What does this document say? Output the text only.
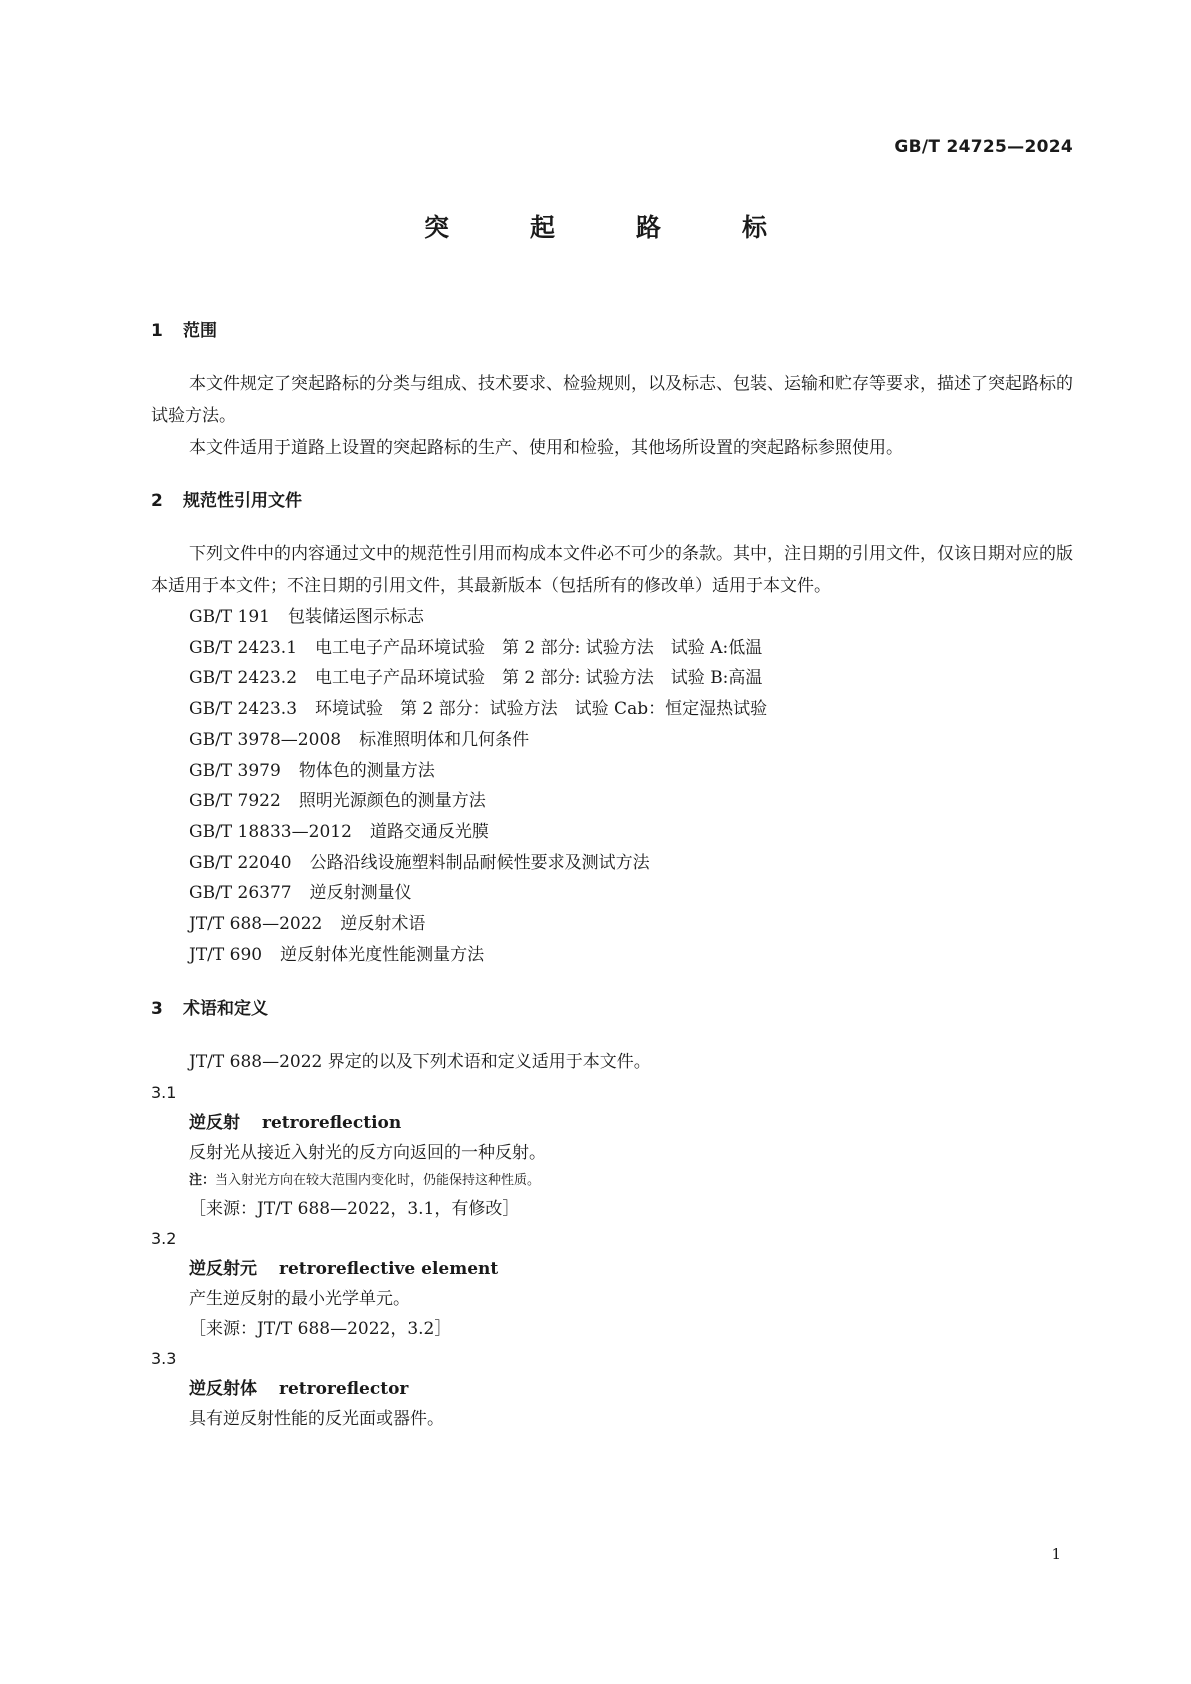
GB/T 24725—2024
突　起　路　标
1 范围

本文件规定了突起路标的分类与组成、技术要求、检验规则，以及标志、包装、运输和贮存等要求，描述了突起路标的试验方法。

本文件适用于道路上设置的突起路标的生产、使用和检验，其他场所设置的突起路标参照使用。

2 规范性引用文件

下列文件中的内容通过文中的规范性引用而构成本文件必不可少的条款。其中，注日期的引用文件，仅该日期对应的版本适用于本文件；不注日期的引用文件，其最新版本（包括所有的修改单）适用于本文件。

GB/T 191 包装储运图示标志

GB/T 2423.1 电工电子产品环境试验　第 2 部分: 试验方法　试验 A:低温

GB/T 2423.2 电工电子产品环境试验　第 2 部分: 试验方法　试验 B:高温

GB/T 2423.3 环境试验　第 2 部分：试验方法　试验 Cab：恒定湿热试验

GB/T 3978—2008 标准照明体和几何条件

GB/T 3979 物体色的测量方法

GB/T 7922 照明光源颜色的测量方法

GB/T 18833—2012 道路交通反光膜

GB/T 22040 公路沿线设施塑料制品耐候性要求及测试方法

GB/T 26377 逆反射测量仪

JT/T 688—2022 逆反射术语

JT/T 690 逆反射体光度性能测量方法

3 术语和定义

JT/T 688—2022 界定的以及下列术语和定义适用于本文件。

3.1

逆反射 retroreflection

反射光从接近入射光的反方向返回的一种反射。

注：当入射光方向在较大范围内变化时，仍能保持这种性质。

［来源：JT/T 688—2022，3.1，有修改］

3.2

逆反射元 retroreflective element

产生逆反射的最小光学单元。

［来源：JT/T 688—2022，3.2］

3.3

逆反射体 retroreflector

具有逆反射性能的反光面或器件。

1
